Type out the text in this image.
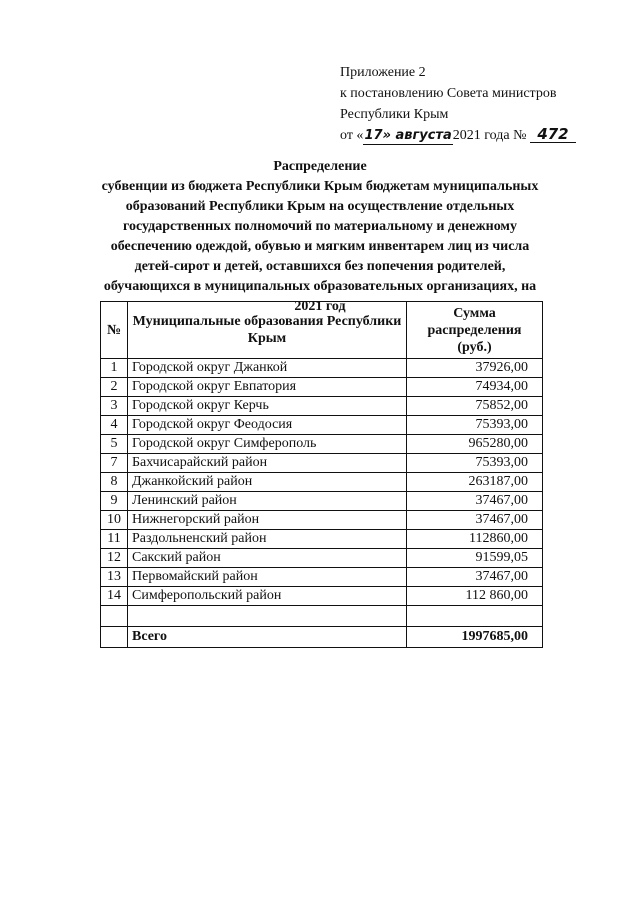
Приложение 2
к постановлению Совета министров
Республики Крым
от «17» августа2021 года № 472
Распределение
субвенции из бюджета Республики Крым бюджетам муниципальных образований Республики Крым на осуществление отдельных государственных полномочий по материальному и денежному обеспечению одеждой, обувью и мягким инвентарем лиц из числа детей-сирот и детей, оставшихся без попечения родителей, обучающихся в муниципальных образовательных организациях, на 2021 год
№	Муниципальные образования Республики Крым	Сумма распределения (руб.)
1	Городской округ Джанкой	37926,00
2	Городской округ Евпатория	74934,00
3	Городской округ Керчь	75852,00
4	Городской округ Феодосия	75393,00
5	Городской округ Симферополь	965280,00
7	Бахчисарайский район	75393,00
8	Джанкойский район	263187,00
9	Ленинский район	37467,00
10	Нижнегорский район	37467,00
11	Раздольненский район	112860,00
12	Сакский район	91599,05
13	Первомайский район	37467,00
14	Симферопольский район	112 860,00

	Всего	1997685,00
